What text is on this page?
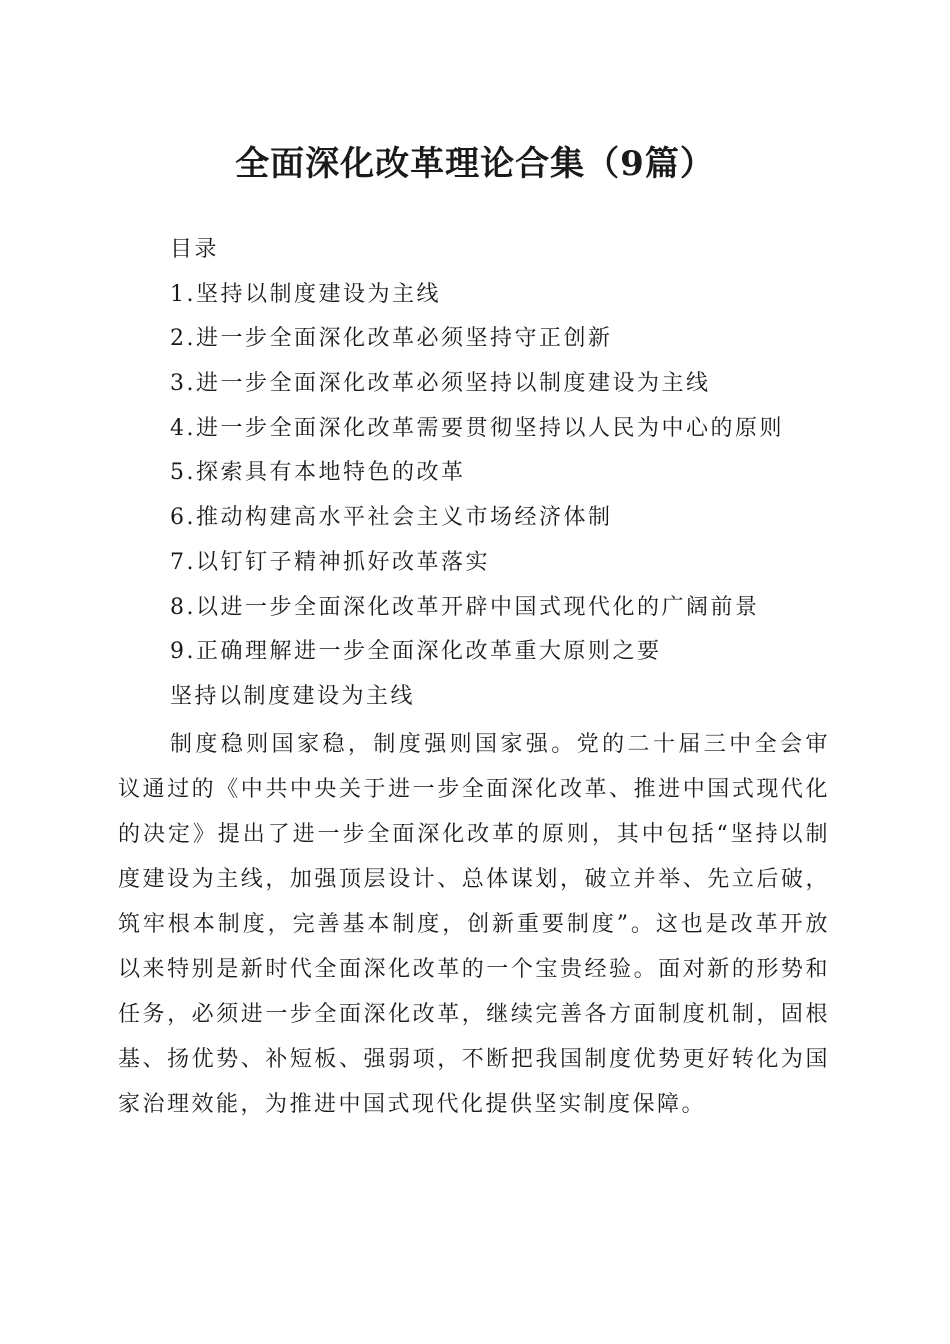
全面深化改革理论合集（9篇）
目录
1.坚持以制度建设为主线
2.进一步全面深化改革必须坚持守正创新
3.进一步全面深化改革必须坚持以制度建设为主线
4.进一步全面深化改革需要贯彻坚持以人民为中心的原则
5.探索具有本地特色的改革
6.推动构建高水平社会主义市场经济体制
7.以钉钉子精神抓好改革落实
8.以进一步全面深化改革开辟中国式现代化的广阔前景
9.正确理解进一步全面深化改革重大原则之要
坚持以制度建设为主线

制度稳则国家稳，制度强则国家强。党的二十届三中全会审议通过的《中共中央关于进一步全面深化改革、推进中国式现代化的决定》提出了进一步全面深化改革的原则，其中包括“坚持以制度建设为主线，加强顶层设计、总体谋划，破立并举、先立后破，筑牢根本制度，完善基本制度，创新重要制度”。这也是改革开放以来特别是新时代全面深化改革的一个宝贵经验。面对新的形势和任务，必须进一步全面深化改革，继续完善各方面制度机制，固根基、扬优势、补短板、强弱项，不断把我国制度优势更好转化为国家治理效能，为推进中国式现代化提供坚实制度保障。
